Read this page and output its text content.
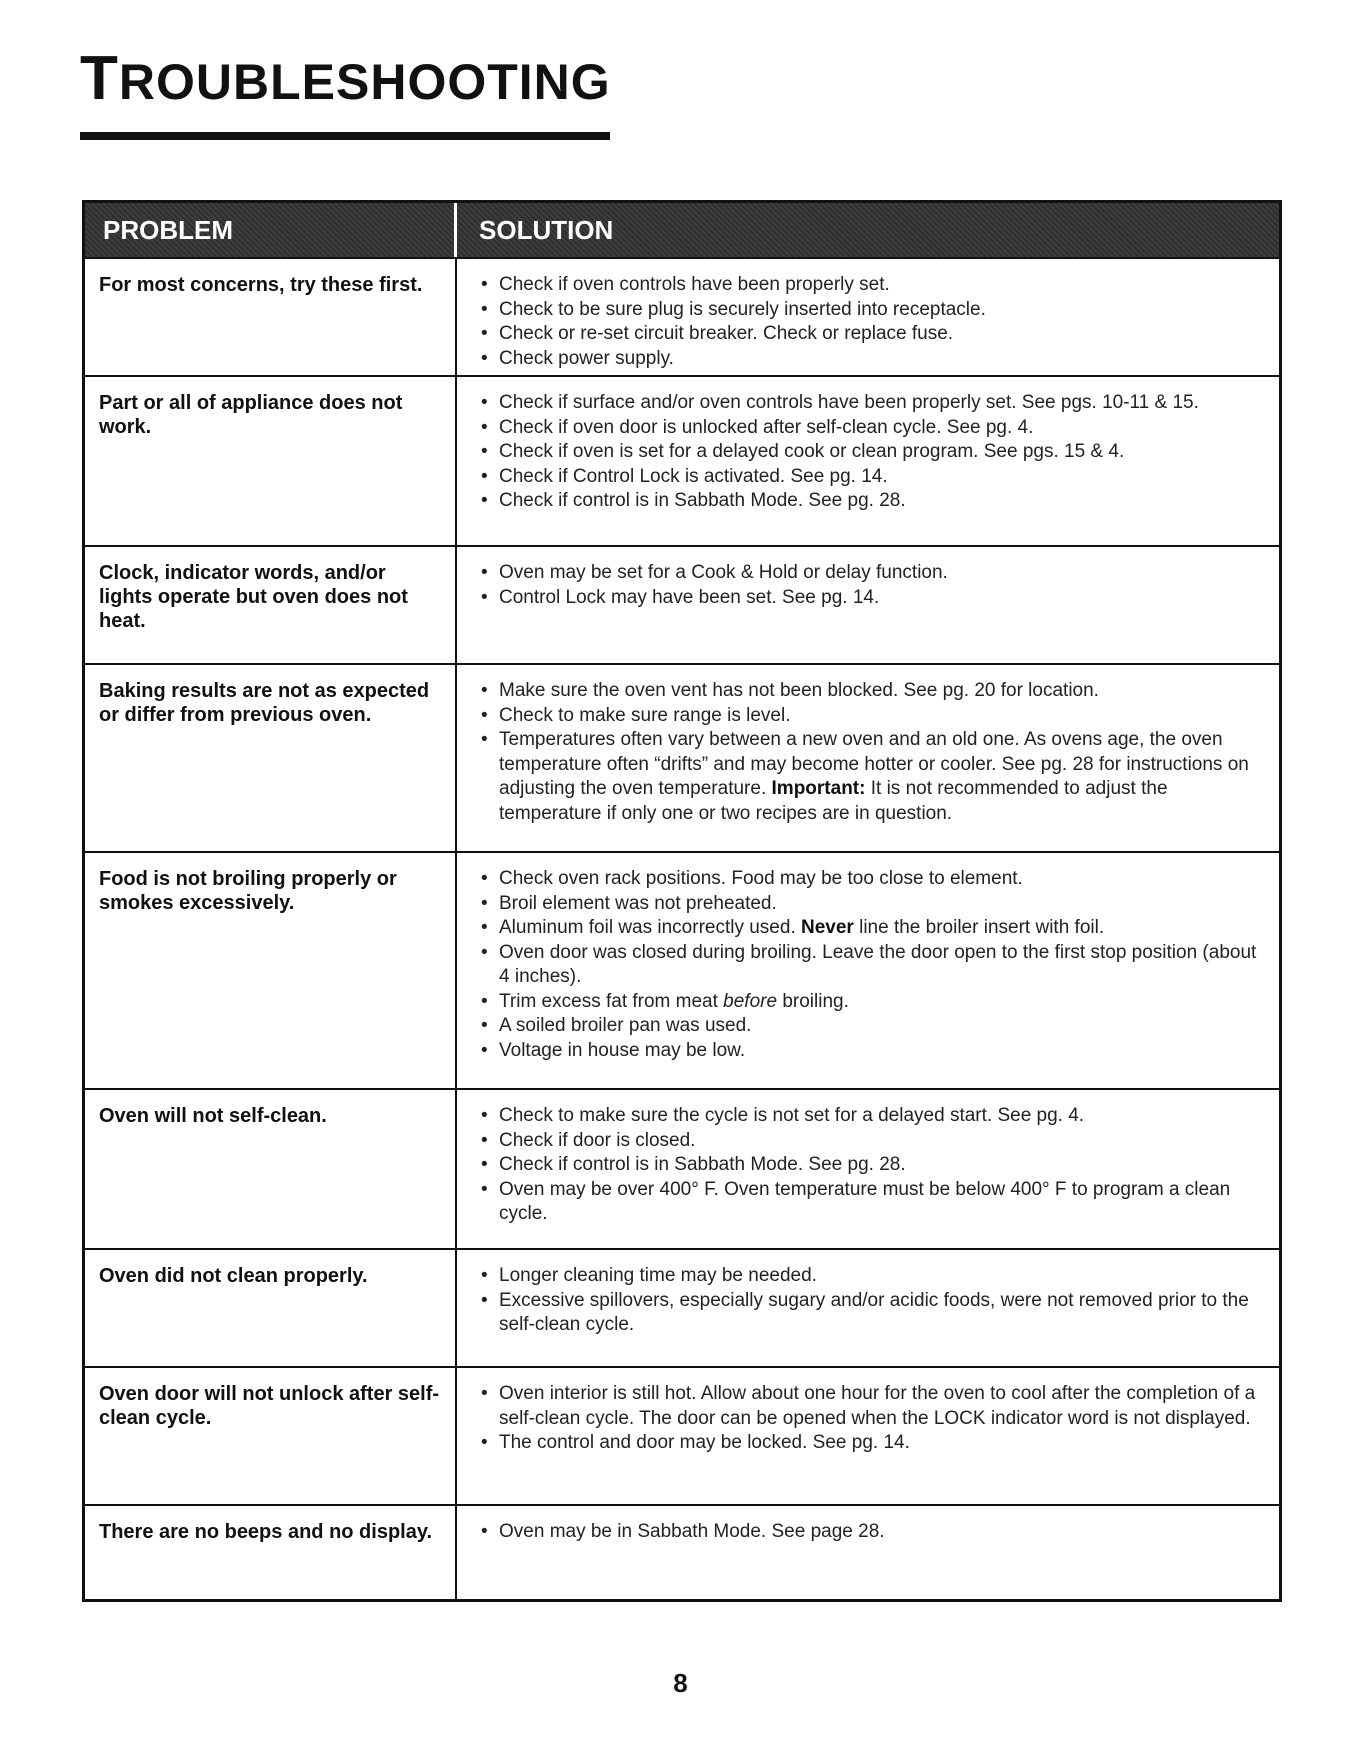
TROUBLESHOOTING
PROBLEM	SOLUTION
For most concerns, try these first.	• Check if oven controls have been properly set.
• Check to be sure plug is securely inserted into receptacle.
• Check or re-set circuit breaker. Check or replace fuse.
• Check power supply.
Part or all of appliance does not work.
• Check if surface and/or oven controls have been properly set. See pgs. 10-11 & 15.
• Check if oven door is unlocked after self-clean cycle. See pg. 4.
• Check if oven is set for a delayed cook or clean program. See pgs. 15 & 4.
• Check if Control Lock is activated. See pg. 14.
• Check if control is in Sabbath Mode. See pg. 28.
Clock, indicator words, and/or lights operate but oven does not heat.
• Oven may be set for a Cook & Hold or delay function.
• Control Lock may have been set. See pg. 14.
Baking results are not as expected or differ from previous oven.
• Make sure the oven vent has not been blocked. See pg. 20 for location.
• Check to make sure range is level.
• Temperatures often vary between a new oven and an old one. As ovens age, the oven temperature often “drifts” and may become hotter or cooler. See pg. 28 for instructions on adjusting the oven temperature. Important: It is not recommended to adjust the temperature if only one or two recipes are in question.
Food is not broiling properly or smokes excessively.
• Check oven rack positions. Food may be too close to element.
• Broil element was not preheated.
• Aluminum foil was incorrectly used. Never line the broiler insert with foil.
• Oven door was closed during broiling. Leave the door open to the first stop position (about 4 inches).
• Trim excess fat from meat before broiling.
• A soiled broiler pan was used.
• Voltage in house may be low.
Oven will not self-clean.	• Check to make sure the cycle is not set for a delayed start. See pg. 4.
• Check if door is closed.
• Check if control is in Sabbath Mode. See pg. 28.
• Oven may be over 400° F. Oven temperature must be below 400° F to program a clean cycle.
Oven did not clean properly.	• Longer cleaning time may be needed.
• Excessive spillovers, especially sugary and/or acidic foods, were not removed prior to the self-clean cycle.
Oven door will not unlock after self-clean cycle.
• Oven interior is still hot. Allow about one hour for the oven to cool after the completion of a self-clean cycle. The door can be opened when the LOCK indicator word is not displayed.
• The control and door may be locked. See pg. 14.
There are no beeps and no display.	• Oven may be in Sabbath Mode. See page 28.
8
